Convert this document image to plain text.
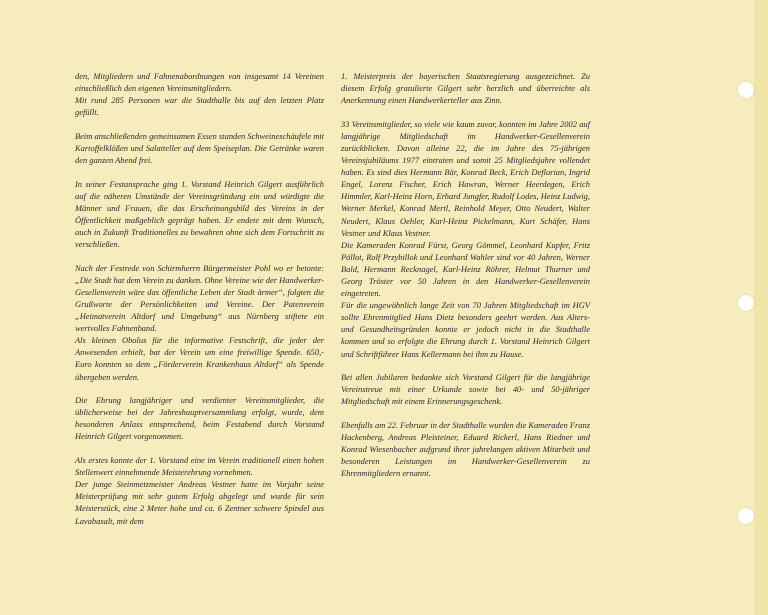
den, Mitgliedern und Fahnenabordnungen von insgesamt 14 Vereinen einschließlich den eigenen Vereinsmitgliedern.

Mit rund 285 Personen war die Stadthalle bis auf den letzten Platz gefüllt.

Beim anschließenden gemeinsamen Essen standen Schweineschäufele mit Kartoffelklößen und Salatteller auf dem Speiseplan. Die Getränke waren den ganzen Abend frei.

In seiner Festansprache ging 1. Vorstand Heinrich Gilgert ausführlich auf die näheren Umstände der Vereinsgründung ein und würdigte die Männer und Frauen, die das Erscheinungsbild des Vereins in der Öffentlichkeit maßgeblich geprägt haben. Er endete mit dem Wunsch, auch in Zukunft Traditionelles zu bewahren ohne sich dem Fortschritt zu verschließen.

Nach der Festrede von Schirmherrn Bürgermeister Pohl wo er betonte: „Die Stadt hat dem Verein zu danken. Ohne Vereine wie der Handwerker-Gesellenverein wäre das öffentliche Leben der Stadt ärmer“, folgten die Grußworte der Persönlichkeiten und Vereine. Der Patenverein „Heimatverein Altdorf und Umgebung“ aus Nürnberg stiftete ein wertvolles Fahnenband.

Als kleinen Obolus für die informative Festschrift, die jeder der Anwesenden erhielt, bat der Verein um eine freiwillige Spende. 650,- Euro konnten so dem „Förderverein Krankenhaus Altdorf“ als Spende übergeben werden.

Die Ehrung langjähriger und verdienter Vereinsmitglieder, die üblicherweise bei der Jahreshauptversammlung erfolgt, wurde, dem besonderen Anlass entsprechend, beim Festabend durch Vorstand Heinrich Gilgert vorgenommen.

Als erstes konnte der 1. Vorstand eine im Verein traditionell einen hohen Stellenwert einnehmende Meisterehrung vornehmen.

Der junge Steinmetzmeister Andreas Vestner hatte im Vorjahr seine Meisterprüfung mit sehr gutem Erfolg abgelegt und wurde für sein Meisterstück, eine 2 Meter hohe und ca. 6 Zentner schwere Spindel aus Lavabasalt, mit dem

1. Meisterpreis der bayerischen Staatsregierung ausgezeichnet. Zu diesem Erfolg gratulierte Gilgert sehr herzlich und überreichte als Anerkennung einen Handwerkerteller aus Zinn.

33 Vereinsmitglieder, so viele wie kaum zuvor, konnten im Jahre 2002 auf langjährige Mitgliedschaft im Handwerker-Gesellenverein zurückblicken. Davon alleine 22, die im Jahre des 75-jährigen Vereinsjubiläums 1977 eintraten und somit 25 Mitgliedsjahre vollendet haben. Es sind dies Hermann Bär, Konrad Beck, Erich Deflorian, Ingrid Engel, Lorenz Fischer, Erich Hawran, Werner Heerdegen, Erich Himmler, Karl-Heinz Horn, Erhard Jungfer, Rudolf Lodes, Heinz Ludwig, Werner Merkel, Konrad Mertl, Reinhold Meyer, Otto Neudert, Walter Neudert, Klaus Oehler, Karl-Heinz Pickelmann, Kurt Schäfer, Hans Vestner und Klaus Vestner.

Die Kameraden Konrad Fürst, Georg Gömmel, Leonhard Kupfer, Fritz Pöllot, Rolf Przybillok und Leonhard Wahler sind vor 40 Jahren, Werner Bald, Hermann Recknagel, Karl-Heinz Röhrer, Helmut Thurner und Georg Tröster vor 50 Jahren in den Handwerker-Gesellenverein eingetreten.

Für die ungewöhnlich lange Zeit von 70 Jahren Mitgliedschaft im HGV sollte Ehrenmitglied Hans Dietz besonders geehrt werden. Aus Alters- und Gesundheitsgründen konnte er jedoch nicht in die Stadthalle kommen und so erfolgte die Ehrung durch 1. Vorstand Heinrich Gilgert und Schriftführer Hans Kellermann bei ihm zu Hause.

Bei allen Jubilaren bedankte sich Vorstand Gilgert für die langjährige Vereinstreue mit einer Urkunde sowie bei 40- und 50-jähriger Mitgliedschaft mit einem Erinnerungsgeschenk.

Ebenfalls am 22. Februar in der Stadthalle wurden die Kameraden Franz Hackenberg, Andreas Pleisteiner, Eduard Rickerl, Hans Riedner und Konrad Wiesenbacher aufgrund ihrer jahrelangen aktiven Mitarbeit und besonderen Leistungen im Handwerker-Gesellenverein zu Ehrenmitgliedern ernannt.
